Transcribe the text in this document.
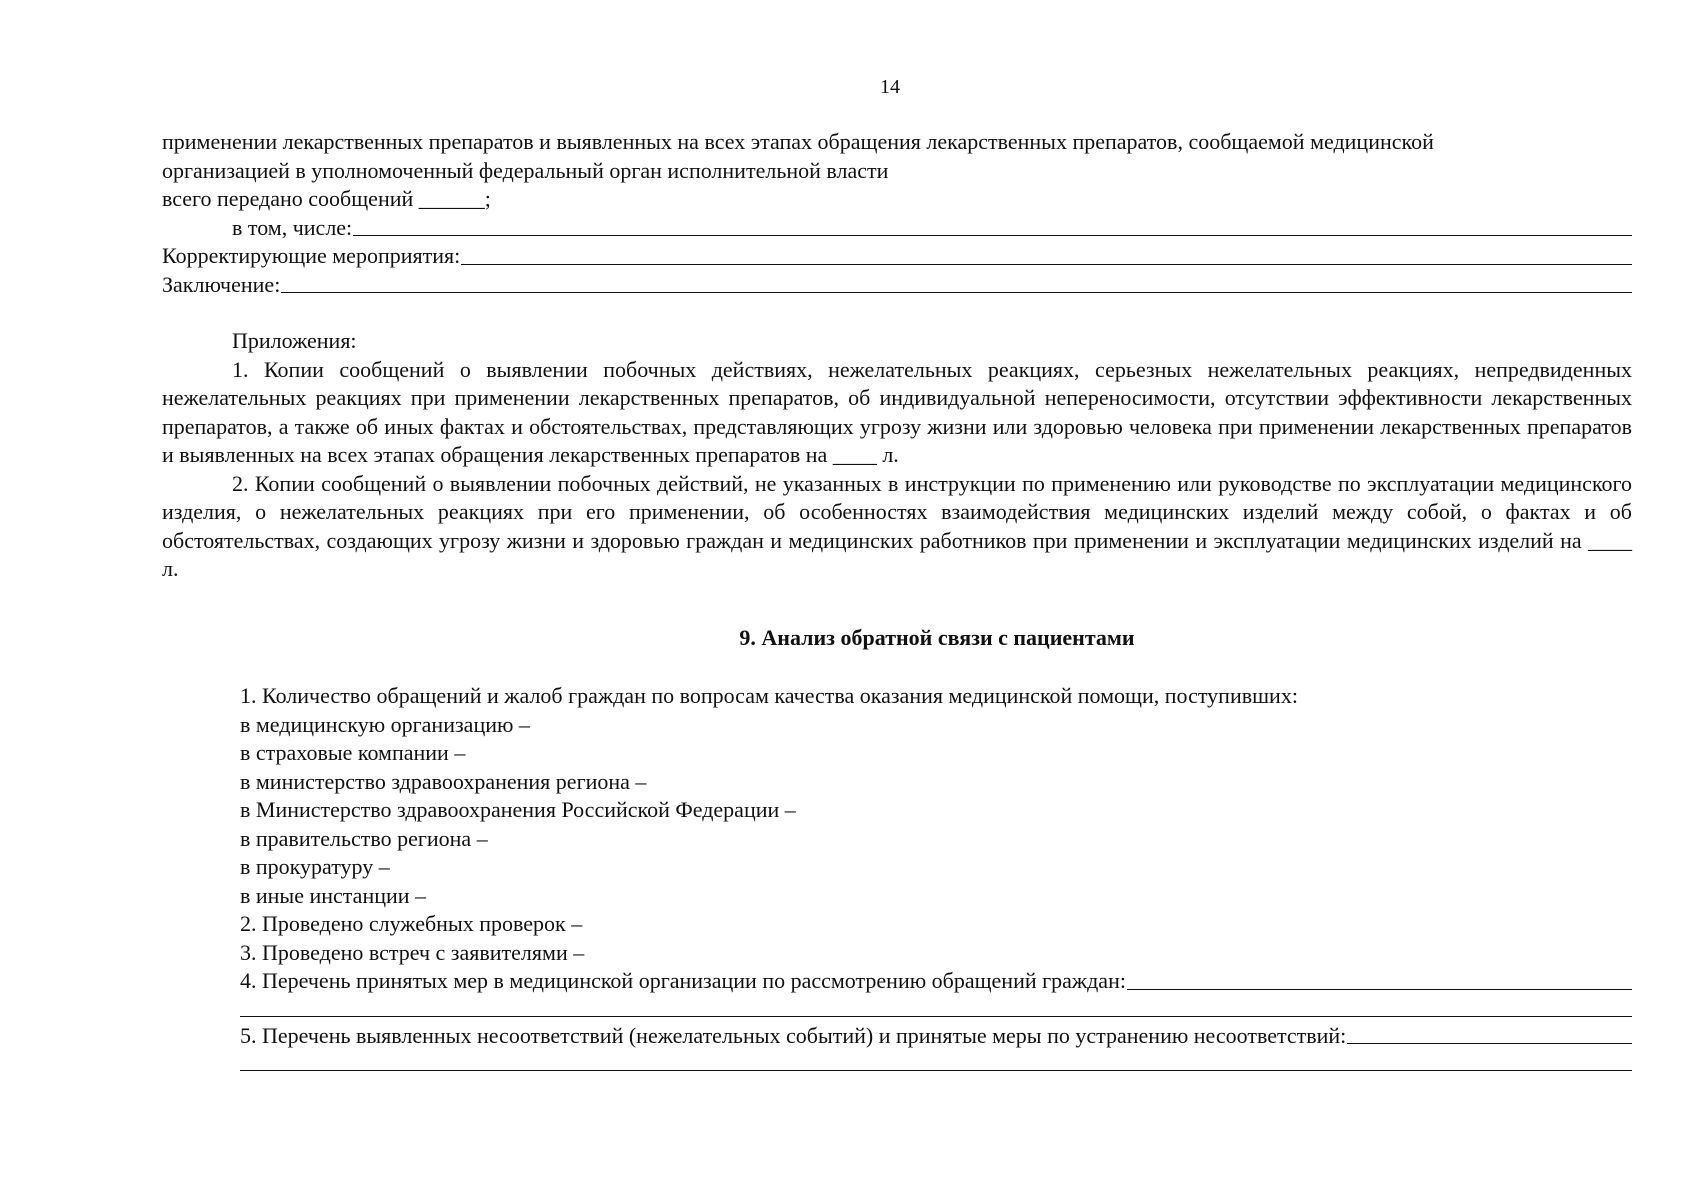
14

применении лекарственных препаратов и выявленных на всех этапах обращения лекарственных препаратов, сообщаемой медицинской

организацией в уполномоченный федеральный орган исполнительной власти

всего передано сообщений ______;

в том, числе:
Корректирующие мероприятия:
Заключение:

Приложения:

1. Копии сообщений о выявлении побочных действиях, нежелательных реакциях, серьезных нежелательных реакциях, непредвиденных нежелательных реакциях при применении лекарственных препаратов, об индивидуальной непереносимости, отсутствии эффективности лекарственных препаратов, а также об иных фактах и обстоятельствах, представляющих угрозу жизни или здоровью человека при применении лекарственных препаратов и выявленных на всех этапах обращения лекарственных препаратов на ____ л.

2. Копии сообщений о выявлении побочных действий, не указанных в инструкции по применению или руководстве по эксплуатации медицинского изделия, о нежелательных реакциях при его применении, об особенностях взаимодействия медицинских изделий между собой, о фактах и об обстоятельствах, создающих угрозу жизни и здоровью граждан и медицинских работников при применении и эксплуатации медицинских изделий на ____ л.

9. Анализ обратной связи с пациентами

1. Количество обращений и жалоб граждан по вопросам качества оказания медицинской помощи, поступивших:

в медицинскую организацию –

в страховые компании –

в министерство здравоохранения региона –

в Министерство здравоохранения Российской Федерации –

в правительство региона –

в прокуратуру –

в иные инстанции –

2. Проведено служебных проверок –

3. Проведено встреч с заявителями –

4. Перечень принятых мер в медицинской организации по рассмотрению обращений граждан:
5. Перечень выявленных несоответствий (нежелательных событий) и принятые меры по устранению несоответствий:
